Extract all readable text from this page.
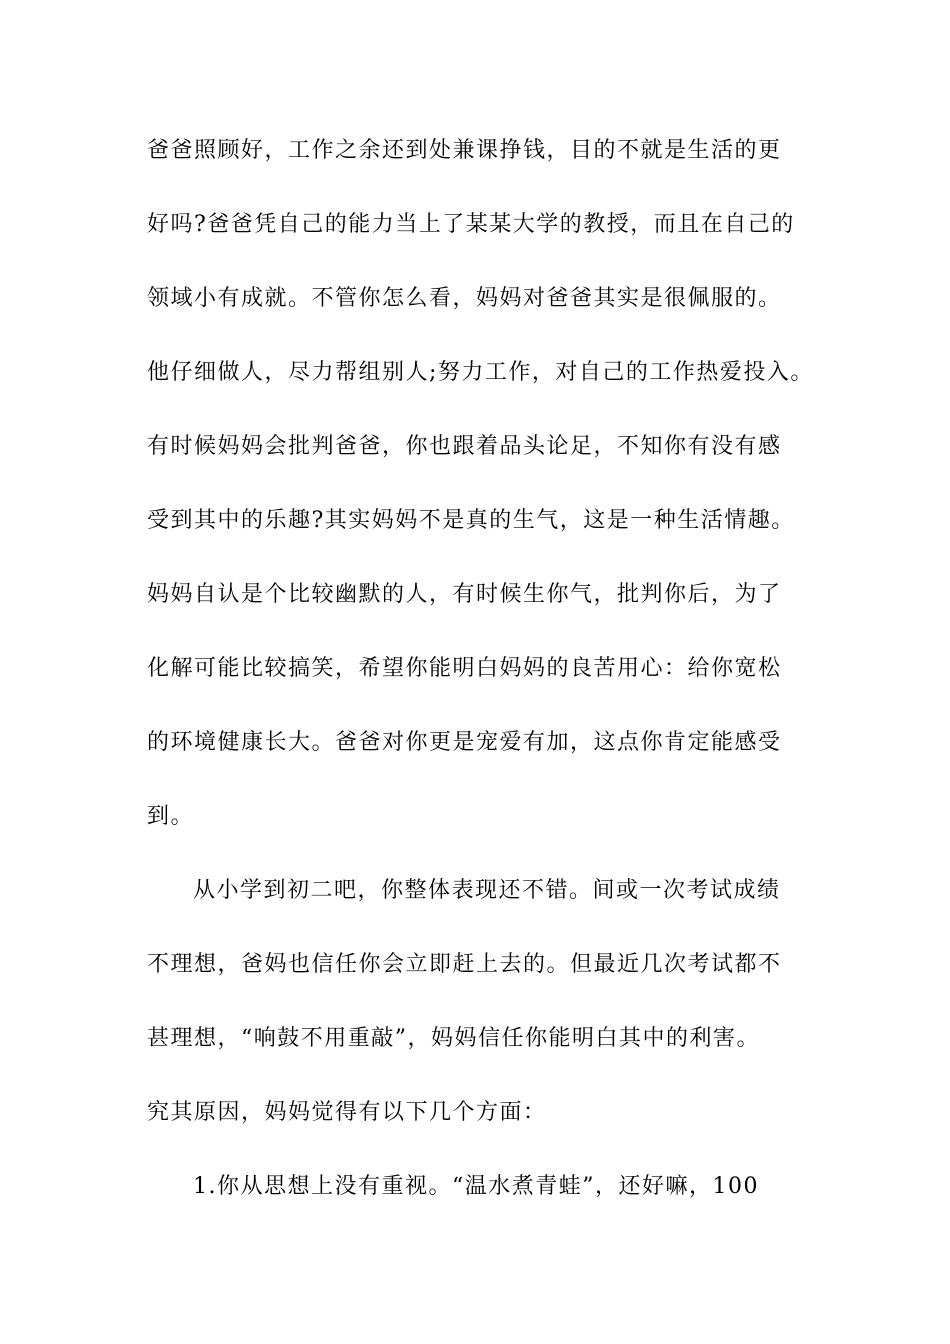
爸爸照顾好，工作之余还到处兼课挣钱，目的不就是生活的更
好吗?爸爸凭自己的能力当上了某某大学的教授，而且在自己的
领域小有成就。不管你怎么看，妈妈对爸爸其实是很佩服的。
他仔细做人，尽力帮组别人;努力工作，对自己的工作热爱投入。
有时候妈妈会批判爸爸，你也跟着品头论足，不知你有没有感
受到其中的乐趣?其实妈妈不是真的生气，这是一种生活情趣。
妈妈自认是个比较幽默的人，有时候生你气，批判你后，为了
化解可能比较搞笑，希望你能明白妈妈的良苦用心：给你宽松
的环境健康长大。爸爸对你更是宠爱有加，这点你肯定能感受
到。
从小学到初二吧，你整体表现还不错。间或一次考试成绩
不理想，爸妈也信任你会立即赶上去的。但最近几次考试都不
甚理想，“响鼓不用重敲”，妈妈信任你能明白其中的利害。
究其原因，妈妈觉得有以下几个方面：
1.你从思想上没有重视。“温水煮青蛙”，还好嘛，100
